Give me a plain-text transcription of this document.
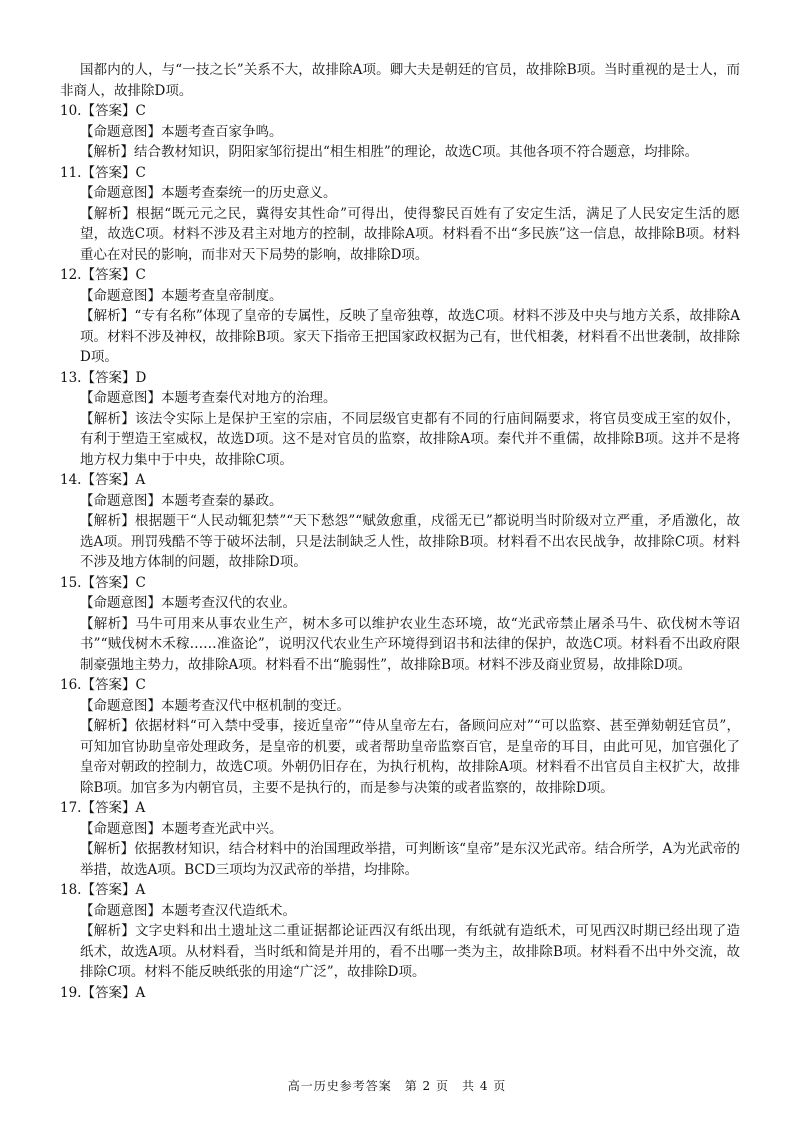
国都内的人，与“一技之长”关系不大，故排除A项。卿大夫是朝廷的官员，故排除B项。当时重视的是士人，而非商人，故排除D项。

10.【答案】C

【命题意图】本题考查百家争鸣。

【解析】结合教材知识，阴阳家邹衍提出“相生相胜”的理论，故选C项。其他各项不符合题意，均排除。

11.【答案】C

【命题意图】本题考查秦统一的历史意义。

【解析】根据“既元元之民，冀得安其性命”可得出，使得黎民百姓有了安定生活，满足了人民安定生活的愿望，故选C项。材料不涉及君主对地方的控制，故排除A项。材料看不出“多民族”这一信息，故排除B项。材料重心在对民的影响，而非对天下局势的影响，故排除D项。

12.【答案】C

【命题意图】本题考查皇帝制度。

【解析】“专有名称”体现了皇帝的专属性，反映了皇帝独尊，故选C项。材料不涉及中央与地方关系，故排除A项。材料不涉及神权，故排除B项。家天下指帝王把国家政权据为己有，世代相袭，材料看不出世袭制，故排除D项。

13.【答案】D

【命题意图】本题考查秦代对地方的治理。

【解析】该法令实际上是保护王室的宗庙，不同层级官吏都有不同的行庙间隔要求，将官员变成王室的奴仆，有利于塑造王室威权，故选D项。这不是对官员的监察，故排除A项。秦代并不重儒，故排除B项。这并不是将地方权力集中于中央，故排除C项。

14.【答案】A

【命题意图】本题考查秦的暴政。

【解析】根据题干“人民动辄犯禁”“天下愁怨”“赋敛愈重，戍徭无已”都说明当时阶级对立严重，矛盾激化，故选A项。刑罚残酷不等于破坏法制，只是法制缺乏人性，故排除B项。材料看不出农民战争，故排除C项。材料不涉及地方体制的问题，故排除D项。

15.【答案】C

【命题意图】本题考查汉代的农业。

【解析】马牛可用来从事农业生产，树木多可以维护农业生态环境，故“光武帝禁止屠杀马牛、砍伐树木等诏书”“贼伐树木禾稼……准盗论”，说明汉代农业生产环境得到诏书和法律的保护，故选C项。材料看不出政府限制豪强地主势力，故排除A项。材料看不出“脆弱性”，故排除B项。材料不涉及商业贸易，故排除D项。

16.【答案】C

【命题意图】本题考查汉代中枢机制的变迁。

【解析】依据材料“可入禁中受事，接近皇帝”“侍从皇帝左右，备顾问应对”“可以监察、甚至弹劾朝廷官员”，可知加官协助皇帝处理政务，是皇帝的机要，或者帮助皇帝监察百官，是皇帝的耳目，由此可见，加官强化了皇帝对朝政的控制力，故选C项。外朝仍旧存在，为执行机构，故排除A项。材料看不出官员自主权扩大，故排除B项。加官多为内朝官员，主要不是执行的，而是参与决策的或者监察的，故排除D项。

17.【答案】A

【命题意图】本题考查光武中兴。

【解析】依据教材知识，结合材料中的治国理政举措，可判断该“皇帝”是东汉光武帝。结合所学，A为光武帝的举措，故选A项。BCD三项均为汉武帝的举措，均排除。

18.【答案】A

【命题意图】本题考查汉代造纸术。

【解析】文字史料和出土遗址这二重证据都论证西汉有纸出现，有纸就有造纸术，可见西汉时期已经出现了造纸术，故选A项。从材料看，当时纸和简是并用的，看不出哪一类为主，故排除B项。材料看不出中外交流，故排除C项。材料不能反映纸张的用途“广泛”，故排除D项。

19.【答案】A

高一历史参考答案　第 2 页　共 4 页
